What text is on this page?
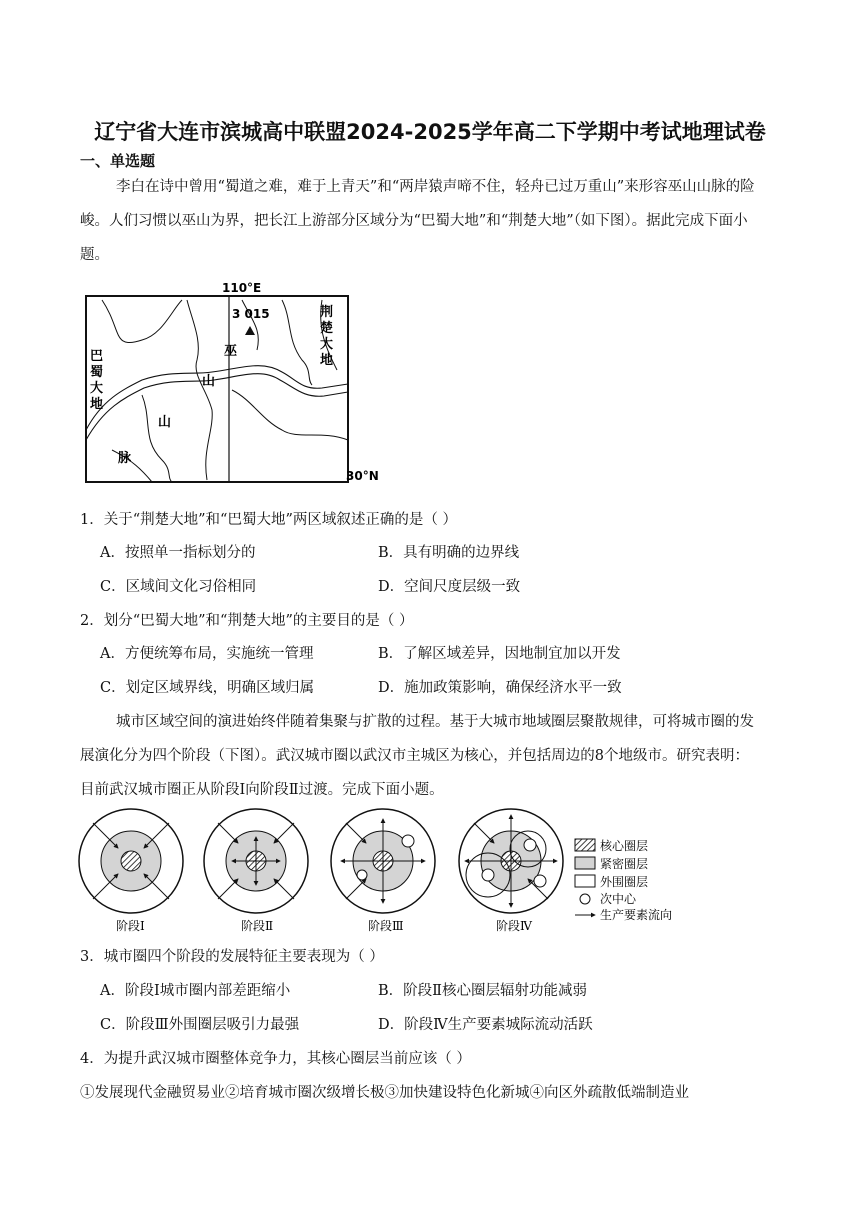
辽宁省大连市滨城高中联盟2024-2025学年高二下学期中考试地理试卷
一、单选题
李白在诗中曾用“蜀道之难，难于上青天”和“两岸猿声啼不住，轻舟已过万重山”来形容巫山山脉的险
峻。人们习惯以巫山为界，把长江上游部分区域分为“巴蜀大地”和“荆楚大地”（如下图）。据此完成下面小
题。
110°E
30°N
3 015
巫
山
山
脉
巴
蜀
大
地
荆
楚
大
地
1．关于“荆楚大地”和“巴蜀大地”两区域叙述正确的是（ ）
A．按照单一指标划分的	B．具有明确的边界线
C．区域间文化习俗相同	D．空间尺度层级一致
2．划分“巴蜀大地”和“荆楚大地”的主要目的是（ ）
A．方便统筹布局，实施统一管理	B．了解区域差异，因地制宜加以开发
C．划定区域界线，明确区域归属	D．施加政策影响，确保经济水平一致
城市区域空间的演进始终伴随着集聚与扩散的过程。基于大城市地域圈层聚散规律，可将城市圈的发
展演化分为四个阶段（下图）。武汉城市圈以武汉市主城区为核心，并包括周边的8个地级市。研究表明：
目前武汉城市圈正从阶段Ⅰ向阶段Ⅱ过渡。完成下面小题。
阶段Ⅰ	阶段Ⅱ	阶段Ⅲ	阶段Ⅳ
核心圈层
紧密圈层
外围圈层
次中心
生产要素流向
3．城市圈四个阶段的发展特征主要表现为（ ）
A．阶段Ⅰ城市圈内部差距缩小	B．阶段Ⅱ核心圈层辐射功能减弱
C．阶段Ⅲ外围圈层吸引力最强	D．阶段Ⅳ生产要素城际流动活跃
4．为提升武汉城市圈整体竞争力，其核心圈层当前应该（ ）
①发展现代金融贸易业②培育城市圈次级增长极③加快建设特色化新城④向区外疏散低端制造业
